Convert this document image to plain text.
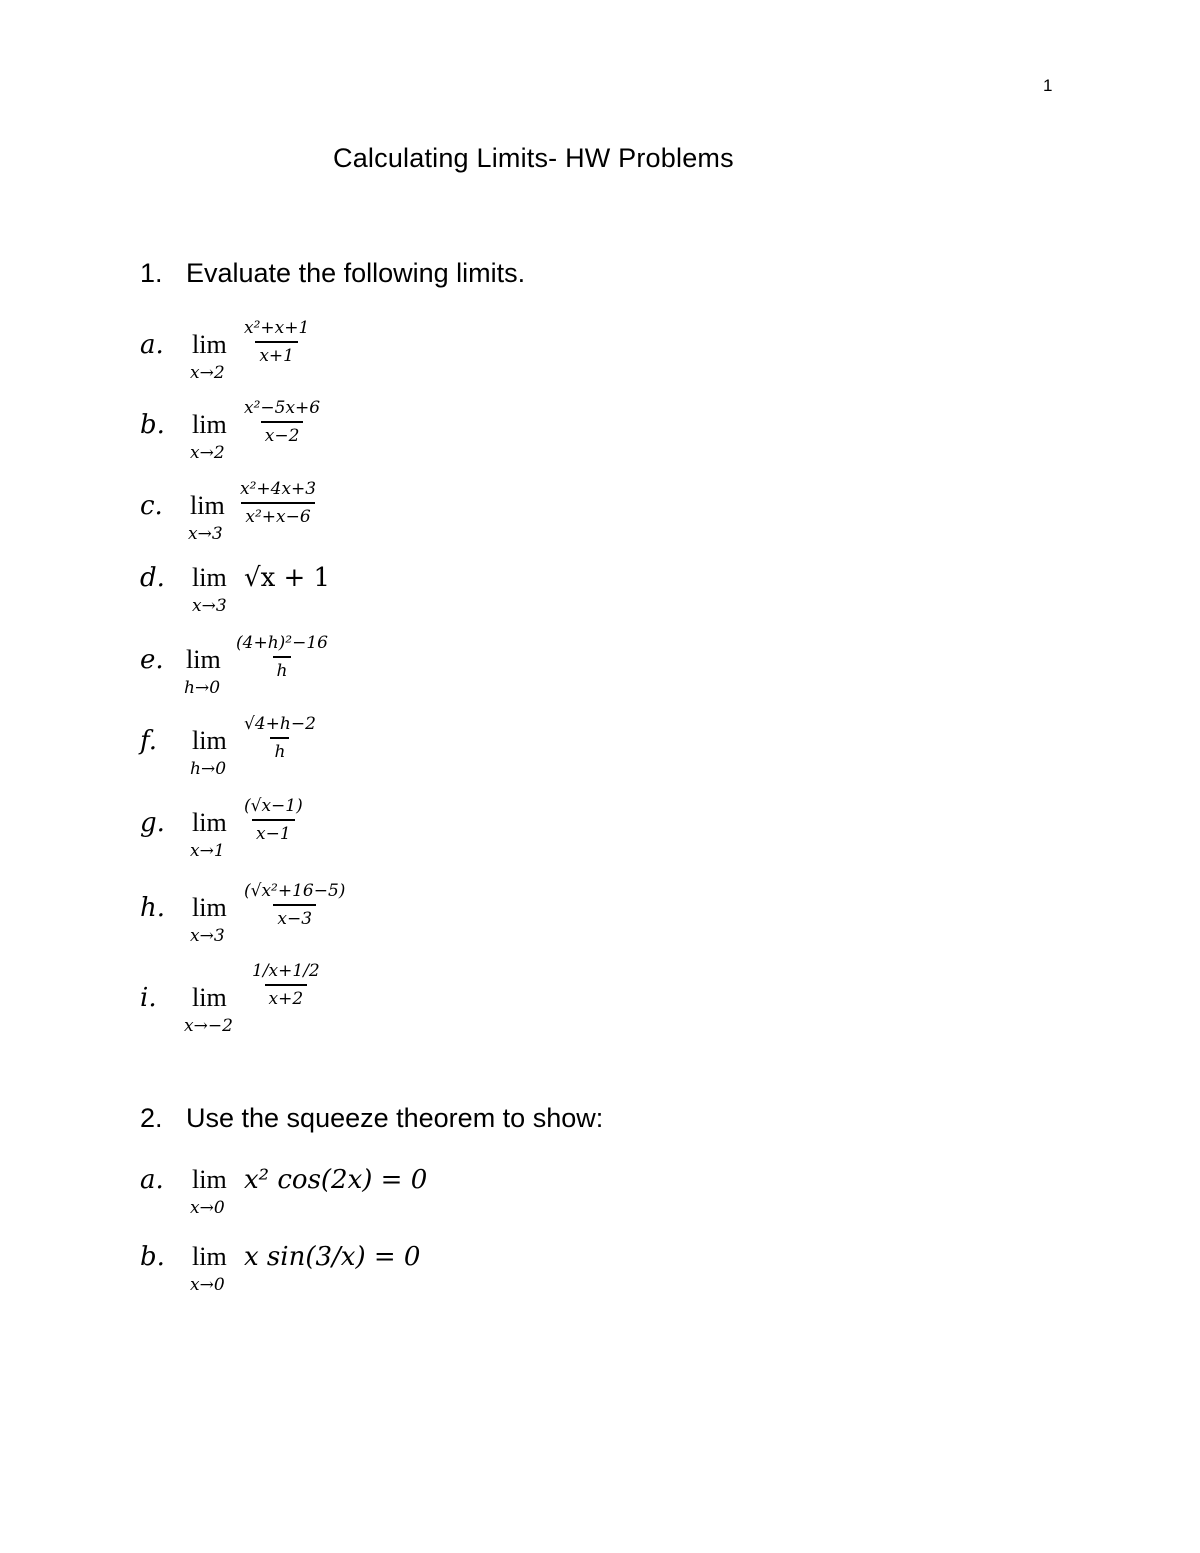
1
Calculating Limits- HW Problems
1. Evaluate the following limits.
a. lim
x→2
$\frac{\text{x²+x+1}}{x+1}$
b. lim
x→2
$\frac{\text{x²−5x+6}}{x-2}$
c. lim
x→3
$\frac{\text{x²+4x+3}}{\text{x²+x−6}}$
d. lim
x→3
√x + 1
e. lim
h→0
$\frac{\text{(4+h)²−16}}{h}$
f. lim
h→0
$\frac{√4+h-2}{h}$
g. lim
x→1
$\frac{(√x-1)}{x-1}$
h. lim
x→3
$\frac{\text{(√x²+16−5)}}{x-3}$
i. lim
x→−2
$\frac{1/x+1/2}{x+2}$
2. Use the squeeze theorem to show:
a. lim
x→0
x² cos(2x) = 0
b. lim
x→0
x sin(3/x) = 0
